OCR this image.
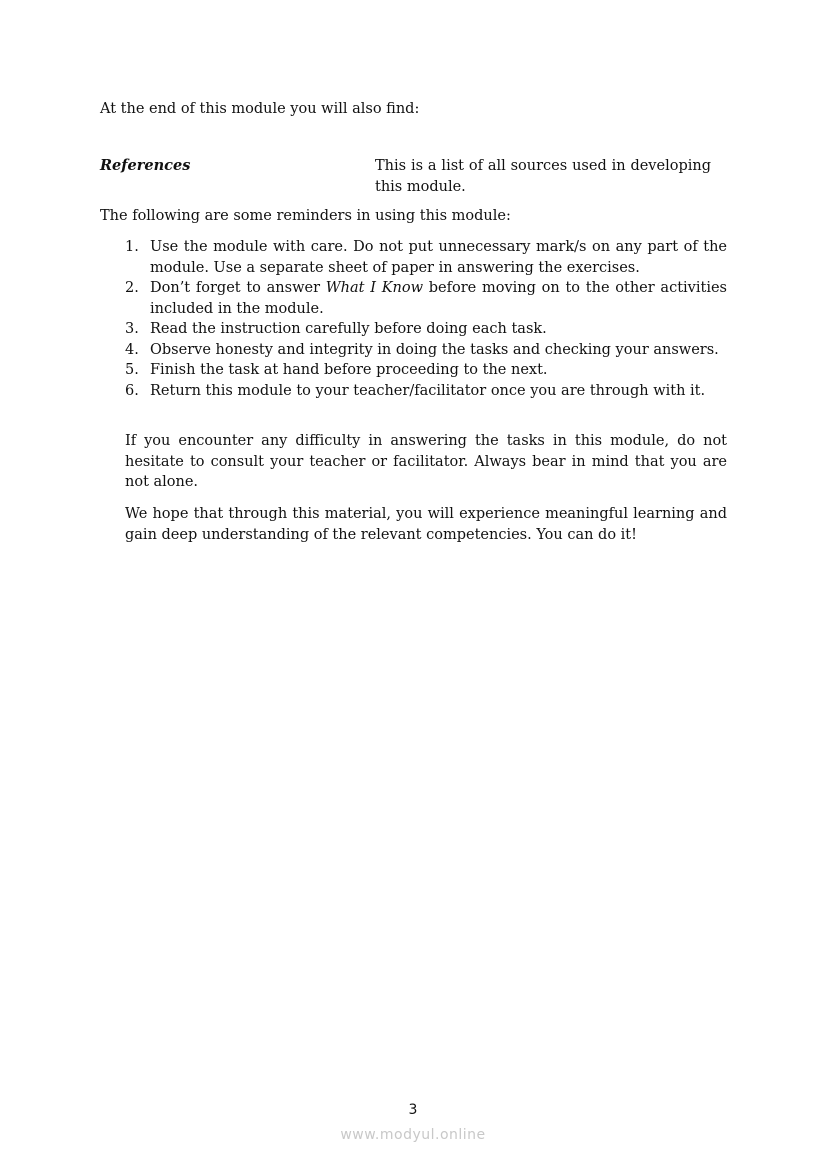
At the end of this module you will also find:
References	This is a list of all sources used in developing this module.
The following are some reminders in using this module:
1. Use the module with care. Do not put unnecessary mark/s on any part of the module. Use a separate sheet of paper in answering the exercises.
2. Don’t forget to answer What I Know before moving on to the other activities included in the module.
3. Read the instruction carefully before doing each task.
4. Observe honesty and integrity in doing the tasks and checking your answers.
5. Finish the task at hand before proceeding to the next.
6. Return this module to your teacher/facilitator once you are through with it.
If you encounter any difficulty in answering the tasks in this module, do not hesitate to consult your teacher or facilitator. Always bear in mind that you are not alone.
We hope that through this material, you will experience meaningful learning and gain deep understanding of the relevant competencies. You can do it!
3
www.modyul.online
